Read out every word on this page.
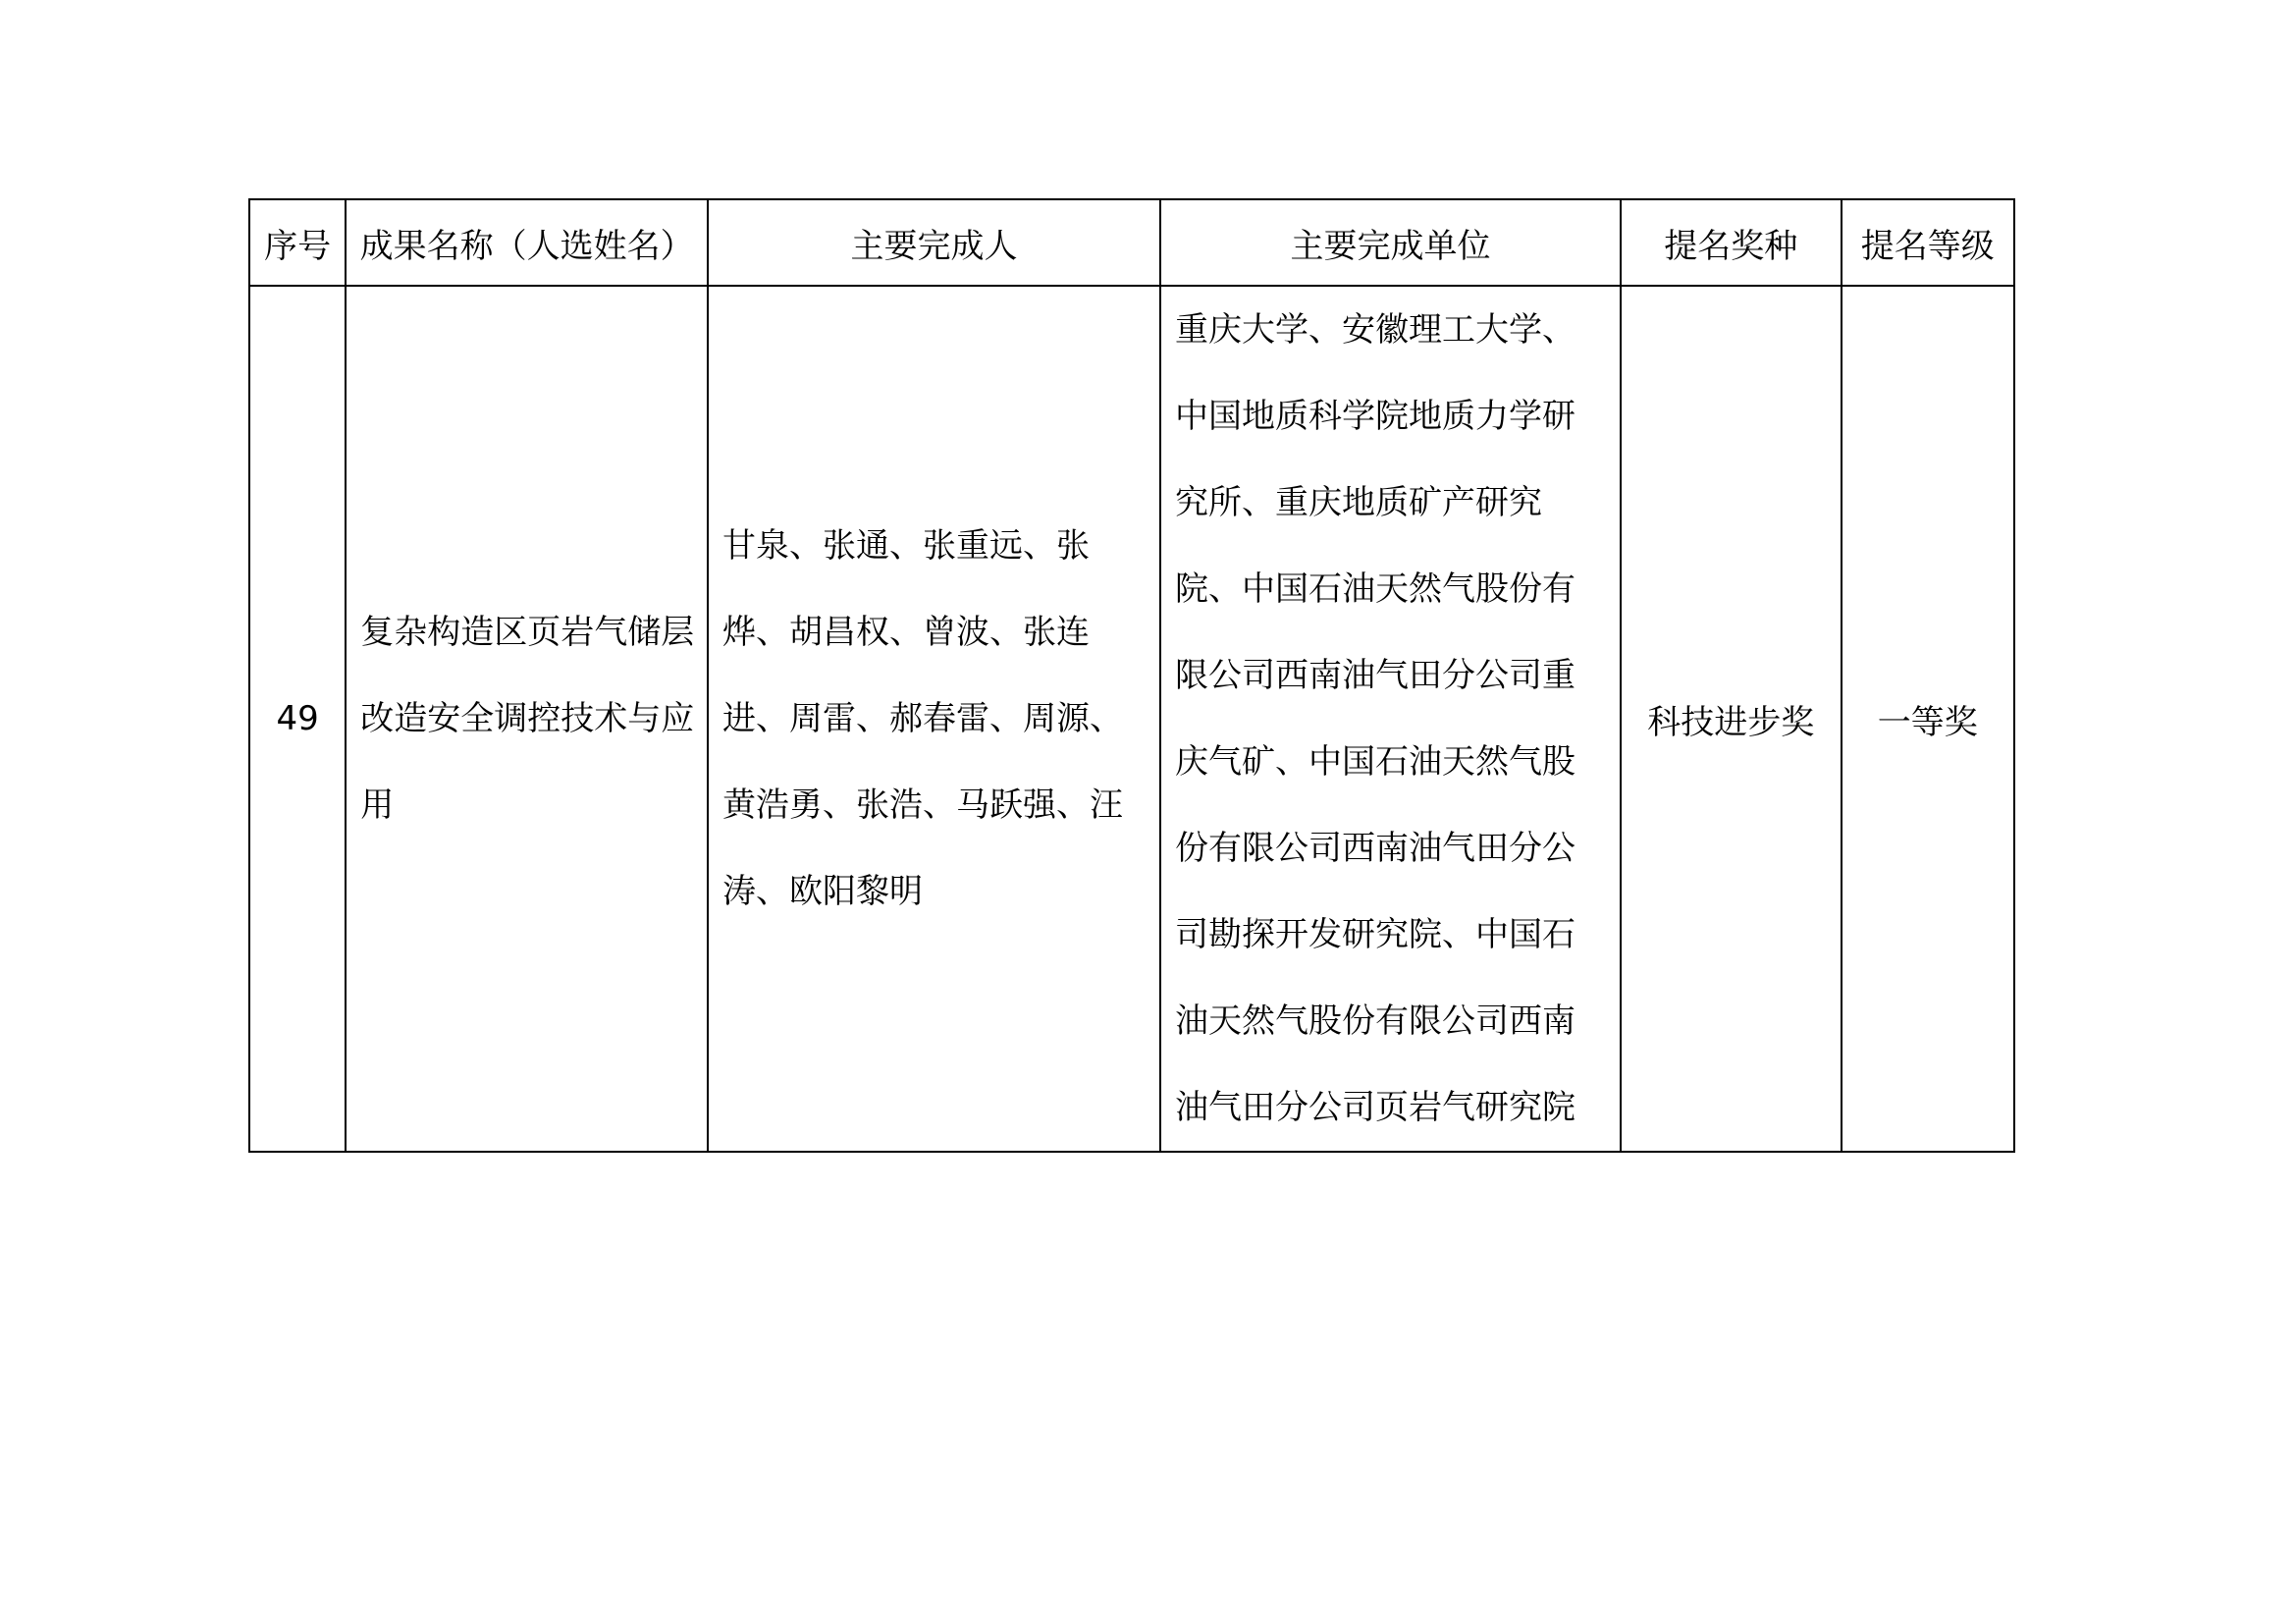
序号	成果名称（人选姓名）	主要完成人	主要完成单位	提名奖种	提名等级
49	复杂构造区页岩气储层改造安全调控技术与应用	甘泉、张通、张重远、张烨、胡昌权、曾波、张连进、周雷、郝春雷、周源、黄浩勇、张浩、马跃强、汪涛、欧阳黎明	重庆大学、安徽理工大学、中国地质科学院地质力学研究所、重庆地质矿产研究院、中国石油天然气股份有限公司西南油气田分公司重庆气矿、中国石油天然气股份有限公司西南油气田分公司勘探开发研究院、中国石油天然气股份有限公司西南油气田分公司页岩气研究院	科技进步奖	一等奖
